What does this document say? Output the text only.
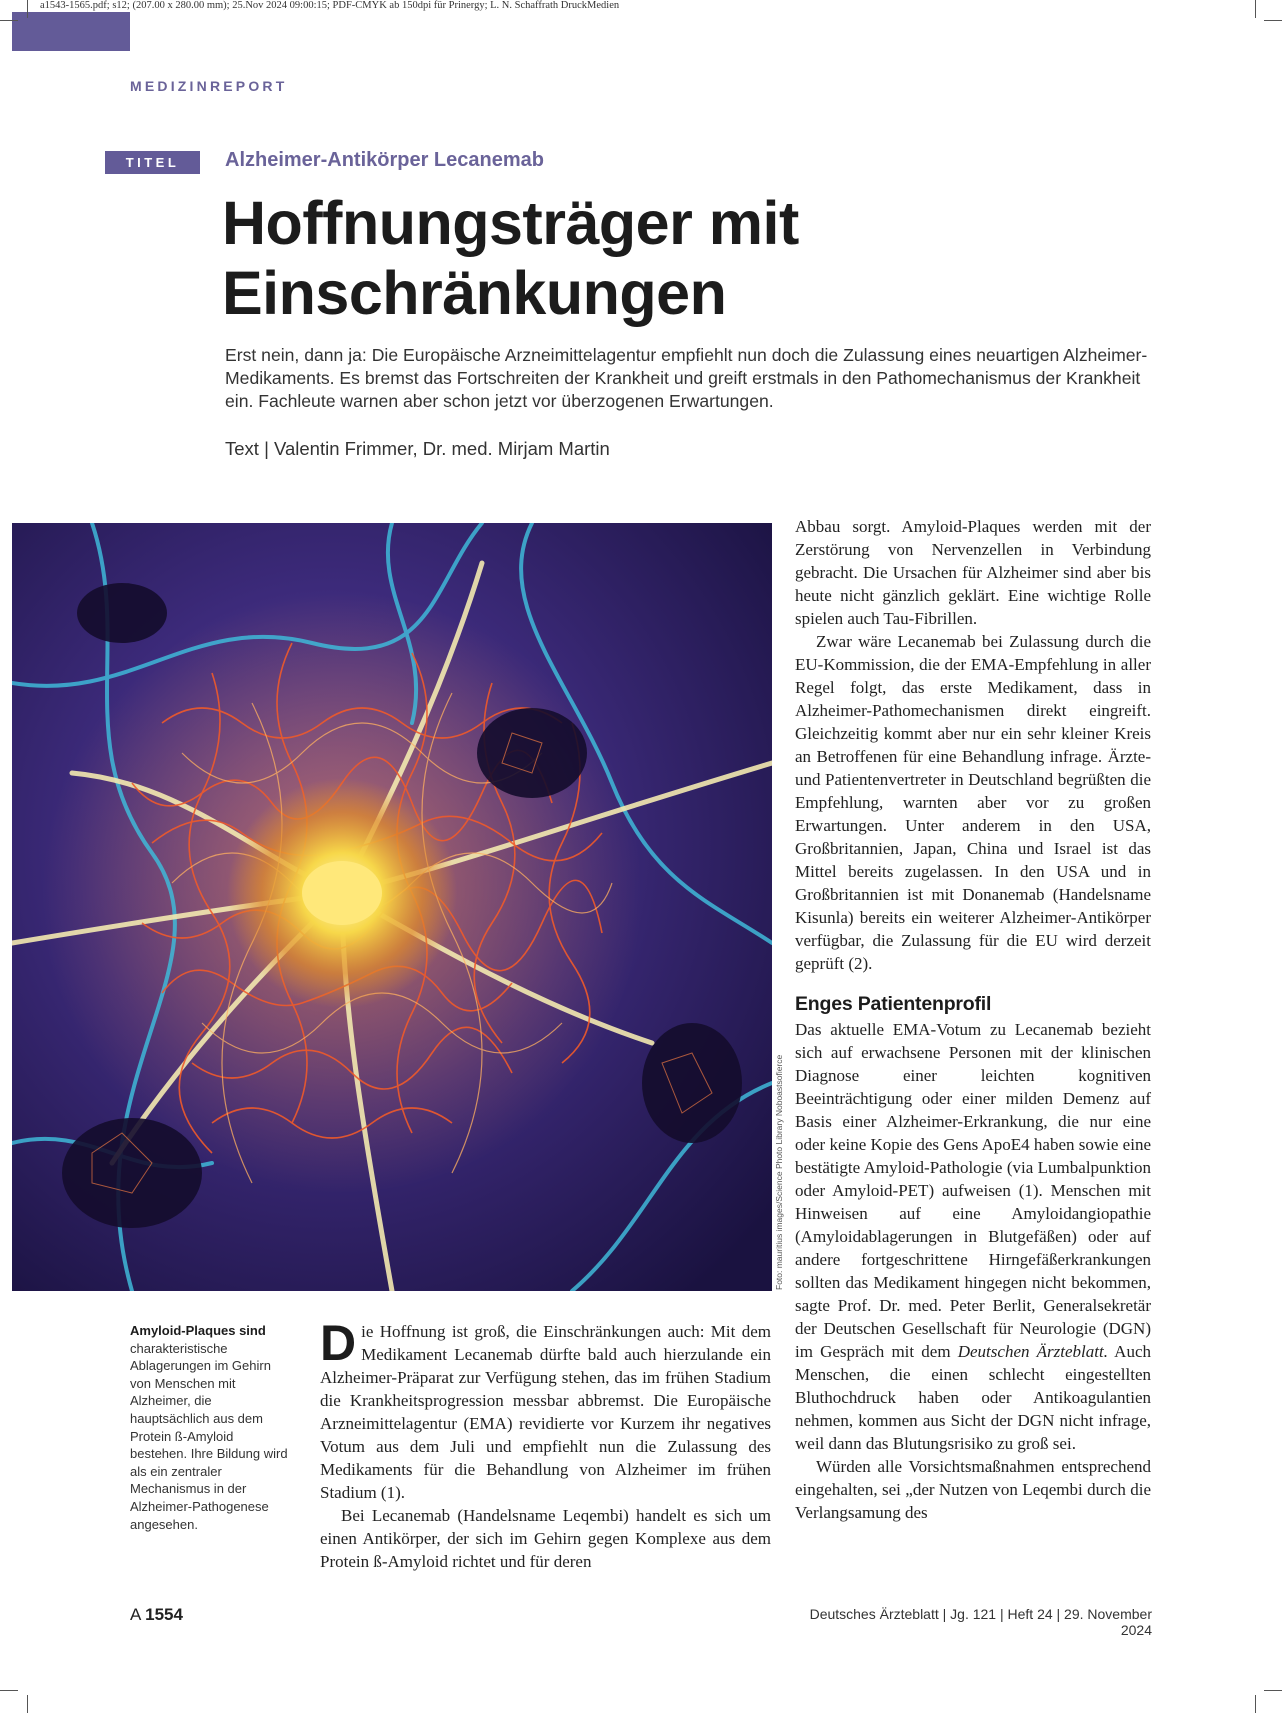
a1543-1565.pdf; s12; (207.00 x 280.00 mm); 25.Nov 2024 09:00:15; PDF-CMYK ab 150dpi für Prinergy; L. N. Schaffrath DruckMedien
MEDIZINREPORT
TITEL	Alzheimer-Antikörper Lecanemab
Hoffnungsträger mit
Einschränkungen

Erst nein, dann ja: Die Europäische Arzneimittelagentur empfiehlt nun doch die Zulassung eines neuartigen Alzheimer-Medikaments. Es bremst das Fortschreiten der Krankheit und greift erstmals in den Pathomechanismus der Krankheit ein. Fachleute warnen aber schon jetzt vor überzogenen Erwartungen.

Text | Valentin Frimmer, Dr. med. Mirjam Martin
Foto: mauritius images/Science Photo Library Noboastsofierce

Amyloid-Plaques sind charakteristische Ablagerungen im Gehirn von Menschen mit Alzheimer, die hauptsächlich aus dem Protein ß-Amyloid bestehen. Ihre Bildung wird als ein zentraler Mechanismus in der Alzheimer-Pathogenese angesehen.

Die Hoffnung ist groß, die Einschränkungen auch: Mit dem Medikament Lecanemab dürfte bald auch hierzulande ein Alzheimer-Präparat zur Verfügung stehen, das im frühen Stadium die Krankheitsprogression messbar abbremst. Die Europäische Arzneimittelagentur (EMA) revidierte vor Kurzem ihr negatives Votum aus dem Juli und empfiehlt nun die Zulassung des Medikaments für die Behandlung von Alzheimer im frühen Stadium (1).

Bei Lecanemab (Handelsname Leqembi) handelt es sich um einen Antikörper, der sich im Gehirn gegen Komplexe aus dem Protein ß-Amyloid richtet und für deren

Abbau sorgt. Amyloid-Plaques werden mit der Zerstörung von Nervenzellen in Verbindung gebracht. Die Ursachen für Alzheimer sind aber bis heute nicht gänzlich geklärt. Eine wichtige Rolle spielen auch Tau-Fibrillen.

Zwar wäre Lecanemab bei Zulassung durch die EU-Kommission, die der EMA-Empfehlung in aller Regel folgt, das erste Medikament, dass in Alzheimer-Pathomechanismen direkt eingreift. Gleichzeitig kommt aber nur ein sehr kleiner Kreis an Betroffenen für eine Behandlung infrage. Ärzte- und Patientenvertreter in Deutschland begrüßten die Empfehlung, warnten aber vor zu großen Erwartungen. Unter anderem in den USA, Großbritannien, Japan, China und Israel ist das Mittel bereits zugelassen. In den USA und in Großbritannien ist mit Donanemab (Handelsname Kisunla) bereits ein weiterer Alzheimer-Antikörper verfügbar, die Zulassung für die EU wird derzeit geprüft (2).

Enges Patientenprofil

Das aktuelle EMA-Votum zu Lecanemab bezieht sich auf erwachsene Personen mit der klinischen Diagnose einer leichten kognitiven Beeinträchtigung oder einer milden Demenz auf Basis einer Alzheimer-Erkrankung, die nur eine oder keine Kopie des Gens ApoE4 haben sowie eine bestätigte Amyloid-Pathologie (via Lumbalpunktion oder Amyloid-PET) aufweisen (1). Menschen mit Hinweisen auf eine Amyloidangiopathie (Amyloidablagerungen in Blutgefäßen) oder auf andere fortgeschrittene Hirngefäßerkrankungen sollten das Medikament hingegen nicht bekommen, sagte Prof. Dr. med. Peter Berlit, Generalsekretär der Deutschen Gesellschaft für Neurologie (DGN) im Gespräch mit dem Deutschen Ärzteblatt. Auch Menschen, die einen schlecht eingestellten Bluthochdruck haben oder Antikoagulantien nehmen, kommen aus Sicht der DGN nicht infrage, weil dann das Blutungsrisiko zu groß sei.

Würden alle Vorsichtsmaßnahmen entsprechend eingehalten, sei „der Nutzen von Leqembi durch die Verlangsamung des

A 1554	Deutsches Ärzteblatt | Jg. 121 | Heft 24 | 29. November 2024
